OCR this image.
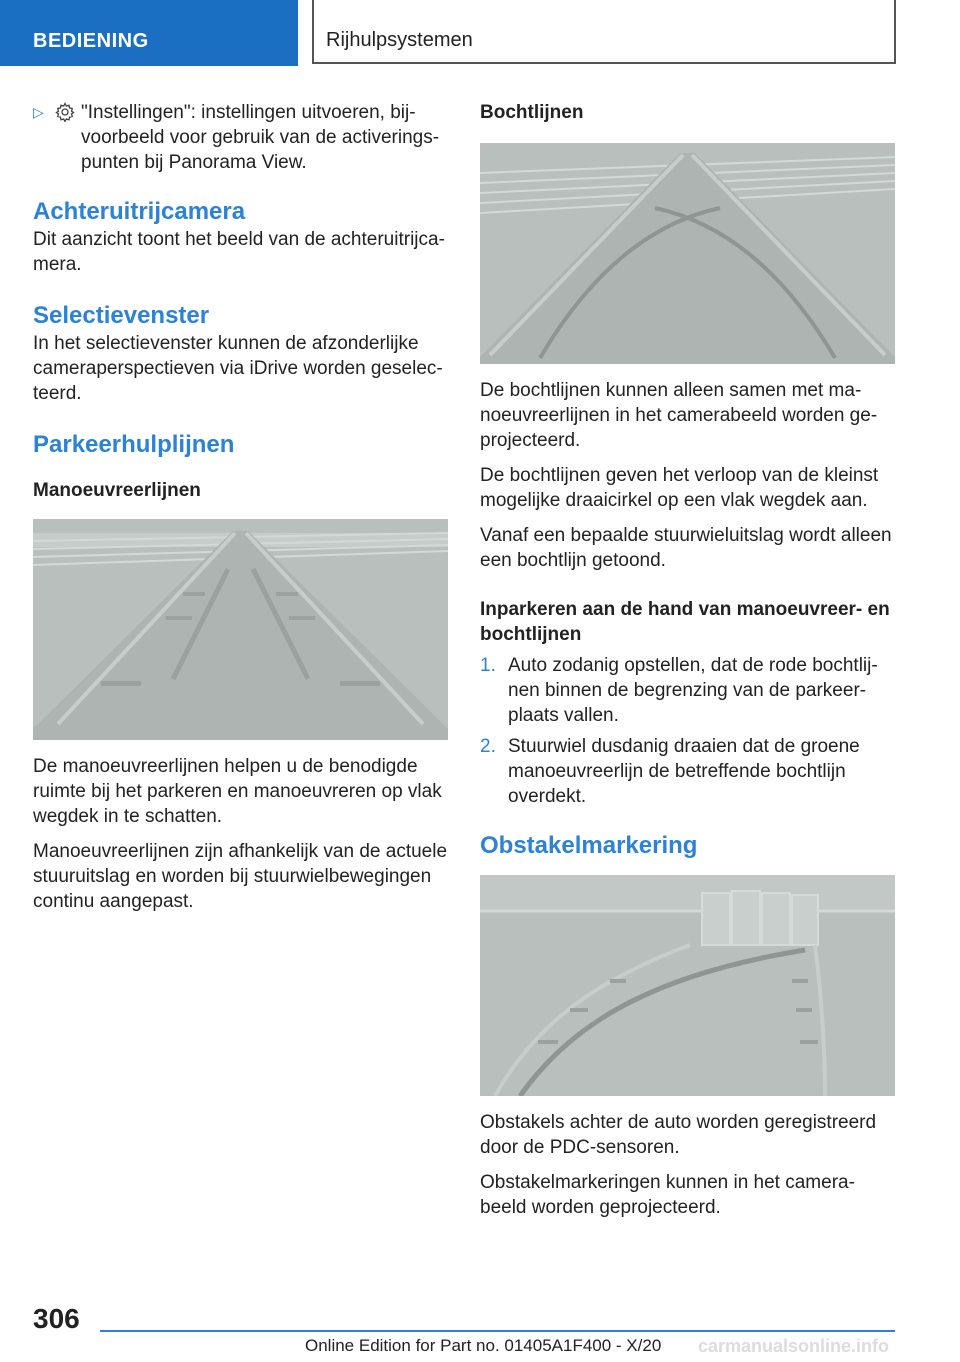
BEDIENING	Rijhulpsystemen
▷	"Instellingen": instellingen uitvoeren, bijvoorbeeld voor gebruik van de activeringspunten bij Panorama View.

Achteruitrijcamera

Dit aanzicht toont het beeld van de achteruitrijcamera.

Selectievenster

In het selectievenster kunnen de afzonderlijke cameraperspectieven via iDrive worden geselecteerd.

Parkeerhulplijnen
Manoeuvreerlijnen

De manoeuvreerlijnen helpen u de benodigde ruimte bij het parkeren en manoeuvreren op vlak wegdek in te schatten.

Manoeuvreerlijnen zijn afhankelijk van de actuele stuuruitslag en worden bij stuurwielbewegingen continu aangepast.

Bochtlijnen

De bochtlijnen kunnen alleen samen met manoeuvreerlijnen in het camerabeeld worden geprojecteerd.

De bochtlijnen geven het verloop van de kleinst mogelijke draaicirkel op een vlak wegdek aan.

Vanaf een bepaalde stuurwieluitslag wordt alleen een bochtlijn getoond.

Inparkeren aan de hand van manoeuvreer- en bochtlijnen
1. Auto zodanig opstellen, dat de rode bochtlijnen binnen de begrenzing van de parkeerplaats vallen.

2. Stuurwiel dusdanig draaien dat de groene manoeuvreerlijn de betreffende bochtlijn overdekt.

Obstakelmarkering

Obstakels achter de auto worden geregistreerd door de PDC-sensoren.

Obstakelmarkeringen kunnen in het camerabeeld worden geprojecteerd.

306
Online Edition for Part no. 01405A1F400 - X/20 carmanualsonline.info
